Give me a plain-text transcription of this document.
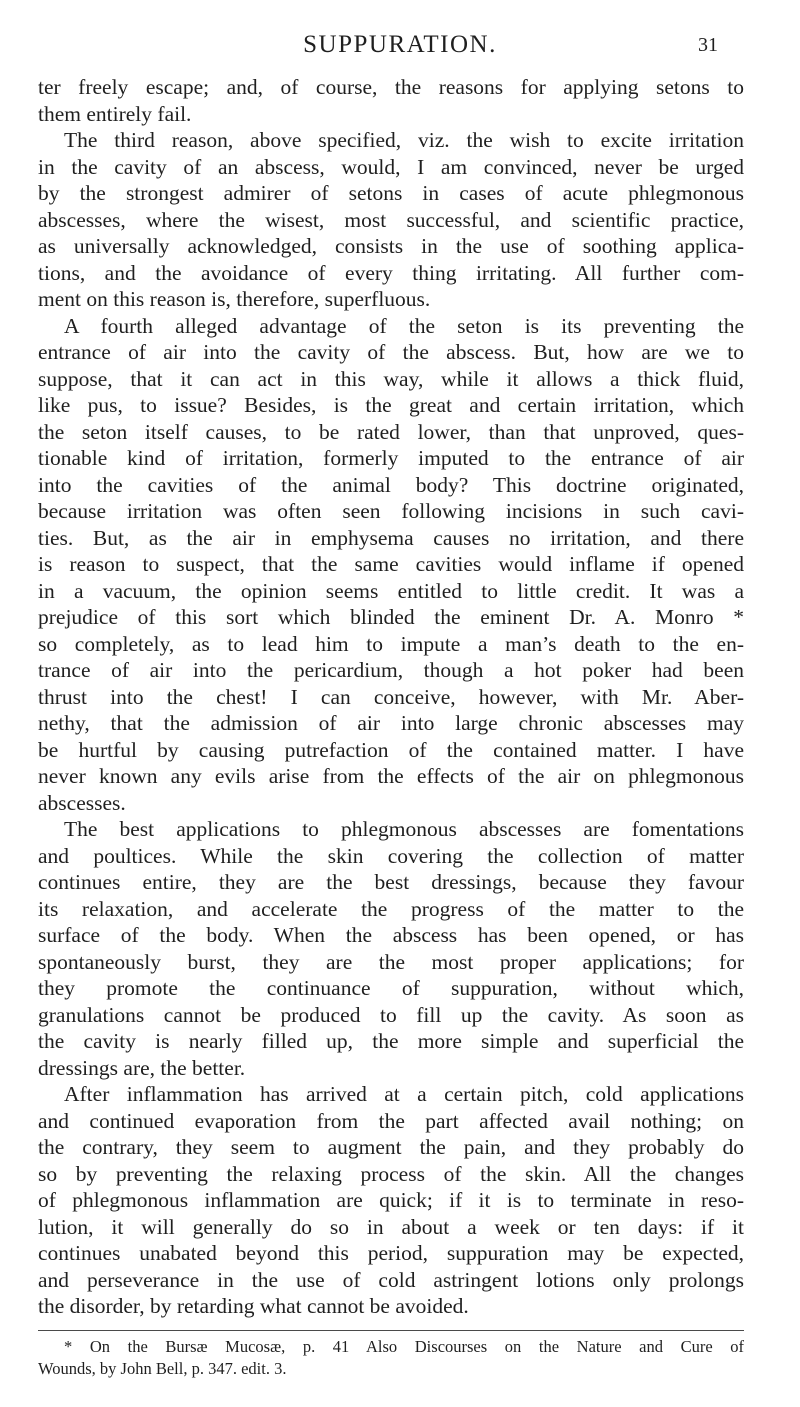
SUPPURATION.	31
ter freely escape; and, of course, the reasons for applying setons to
them entirely fail.
The third reason, above specified, viz. the wish to excite irritation
in the cavity of an abscess, would, I am convinced, never be urged
by the strongest admirer of setons in cases of acute phlegmonous
abscesses, where the wisest, most successful, and scientific practice,
as universally acknowledged, consists in the use of soothing applica-
tions, and the avoidance of every thing irritating. All further com-
ment on this reason is, therefore, superfluous.
A fourth alleged advantage of the seton is its preventing the
entrance of air into the cavity of the abscess. But, how are we to
suppose, that it can act in this way, while it allows a thick fluid,
like pus, to issue? Besides, is the great and certain irritation, which
the seton itself causes, to be rated lower, than that unproved, ques-
tionable kind of irritation, formerly imputed to the entrance of air
into the cavities of the animal body? This doctrine originated,
because irritation was often seen following incisions in such cavi-
ties. But, as the air in emphysema causes no irritation, and there
is reason to suspect, that the same cavities would inflame if opened
in a vacuum, the opinion seems entitled to little credit. It was a
prejudice of this sort which blinded the eminent Dr. A. Monro *
so completely, as to lead him to impute a man’s death to the en-
trance of air into the pericardium, though a hot poker had been
thrust into the chest! I can conceive, however, with Mr. Aber-
nethy, that the admission of air into large chronic abscesses may
be hurtful by causing putrefaction of the contained matter. I have
never known any evils arise from the effects of the air on phlegmonous
abscesses.
The best applications to phlegmonous abscesses are fomentations
and poultices. While the skin covering the collection of matter
continues entire, they are the best dressings, because they favour
its relaxation, and accelerate the progress of the matter to the
surface of the body. When the abscess has been opened, or has
spontaneously burst, they are the most proper applications; for
they promote the continuance of suppuration, without which,
granulations cannot be produced to fill up the cavity. As soon as
the cavity is nearly filled up, the more simple and superficial the
dressings are, the better.
After inflammation has arrived at a certain pitch, cold applications
and continued evaporation from the part affected avail nothing; on
the contrary, they seem to augment the pain, and they probably do
so by preventing the relaxing process of the skin. All the changes
of phlegmonous inflammation are quick; if it is to terminate in reso-
lution, it will generally do so in about a week or ten days: if it
continues unabated beyond this period, suppuration may be expected,
and perseverance in the use of cold astringent lotions only prolongs
the disorder, by retarding what cannot be avoided.
* On the Bursæ Mucosæ, p. 41 Also Discourses on the Nature and Cure of
Wounds, by John Bell, p. 347. edit. 3.
